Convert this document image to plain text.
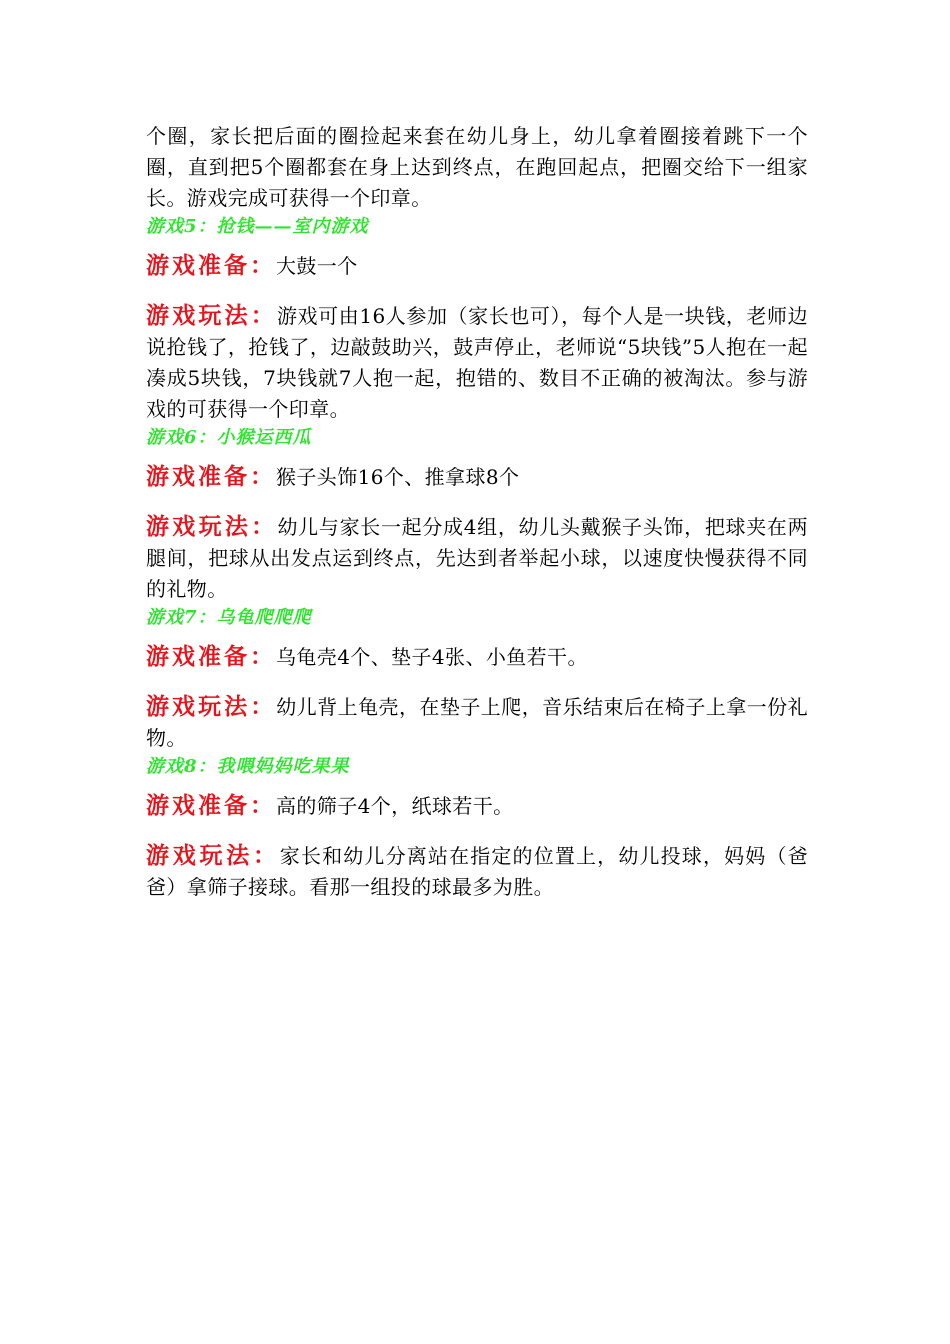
个圈，家长把后面的圈捡起来套在幼儿身上，幼儿拿着圈接着跳下一个圈，直到把5个圈都套在身上达到终点，在跑回起点，把圈交给下一组家长。游戏完成可获得一个印章。

游戏5：抢钱——室内游戏

游戏准备：大鼓一个

游戏玩法：游戏可由16人参加（家长也可），每个人是一块钱，老师边说抢钱了，抢钱了，边敲鼓助兴，鼓声停止，老师说“5块钱”5人抱在一起凑成5块钱，7块钱就7人抱一起，抱错的、数目不正确的被淘汰。参与游戏的可获得一个印章。

游戏6：小猴运西瓜

游戏准备：猴子头饰16个、推拿球8个

游戏玩法：幼儿与家长一起分成4组，幼儿头戴猴子头饰，把球夹在两腿间，把球从出发点运到终点，先达到者举起小球，以速度快慢获得不同的礼物。

游戏7：乌龟爬爬爬

游戏准备：乌龟壳4个、垫子4张、小鱼若干。

游戏玩法：幼儿背上龟壳，在垫子上爬，音乐结束后在椅子上拿一份礼物。

游戏8：我喂妈妈吃果果

游戏准备：高的筛子4个，纸球若干。

游戏玩法：家长和幼儿分离站在指定的位置上，幼儿投球，妈妈（爸爸）拿筛子接球。看那一组投的球最多为胜。
